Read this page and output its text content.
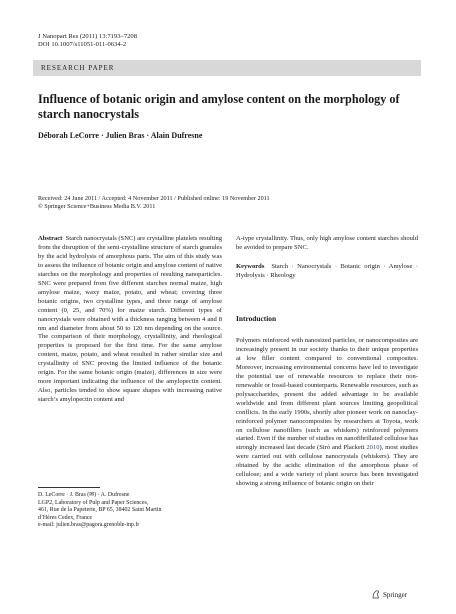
J Nanopart Res (2011) 13:7193–7208
DOI 10.1007/s11051-011-0634-2
RESEARCH PAPER
Influence of botanic origin and amylose content on the morphology of starch nanocrystals
Déborah LeCorre · Julien Bras · Alain Dufresne
Received: 24 June 2011 / Accepted: 4 November 2011 / Published online: 19 November 2011
© Springer Science+Business Media B.V. 2011
Abstract Starch nanocrystals (SNC) are crystalline platelets resulting from the disruption of the semi-crystalline structure of starch granules by the acid hydrolysis of amorphous parts. The aim of this study was to assess the influence of botanic origin and amylose content of native starches on the morphology and properties of resulting nanoparticles. SNC were prepared from five different starches normal maize, high amylose maize, waxy maize, potato, and wheat; covering three botanic origins, two crystalline types, and three range of amylose content (0, 25, and 70%) for maize starch. Different types of nanocrystals were obtained with a thickness ranging between 4 and 8 nm and diameter from about 50 to 120 nm depending on the source. The comparison of their morphology, crystallinity, and rheological properties is proposed for the first time. For the same amylose content, maize, potato, and wheat resulted in rather similar size and crystallinity of SNC proving the limited influence of the botanic origin. For the same botanic origin (maize), differences in size were more important indicating the influence of the amylopectin content. Also, particles tended to show square shapes with increasing native starch’s amylopectin content and
A-type crystallinity. Thus, only high amylose content starches should be avoided to prepare SNC.
Keywords Starch · Nanocrystals · Botanic origin · Amylose · Hydrolysis · Rheology
Introduction
Polymers reinforced with nanosized particles, or nanocomposites are increasingly present in our society thanks to their unique properties at low filler content compared to conventional composites. Moreover, increasing environmental concerns have led to investigate the potential use of renewable resources to replace their non-renewable or fossil-based counterparts. Renewable resources, such as polysaccharides, present the added advantage to be available worldwide and from different plant sources limiting geopolitical conflicts. In the early 1990s, shortly after pioneer work on nanoclay-reinforced polymer nanocomposites by researchers at Toyota, work on cellulose nanofillers (such as whiskers) reinforced polymers started. Even if the number of studies on nanofibrillated cellulose has strongly increased last decade (Siró and Plackett 2010), most studies were carried out with cellulose nanocrystals (whiskers). They are obtained by the acidic elimination of the amorphous phase of cellulose; and a wide variety of plant source has been investigated showing a strong influence of botanic origin on their
D. LeCorre · J. Bras (✉) · A. Dufresne
LGP2, Laboratory of Pulp and Paper Sciences,
461, Rue de la Papeterie, BP 65, 38402 Saint Martin
d’Hères Cedex, France
e-mail: julien.bras@pagora.grenoble-inp.fr
Springer
